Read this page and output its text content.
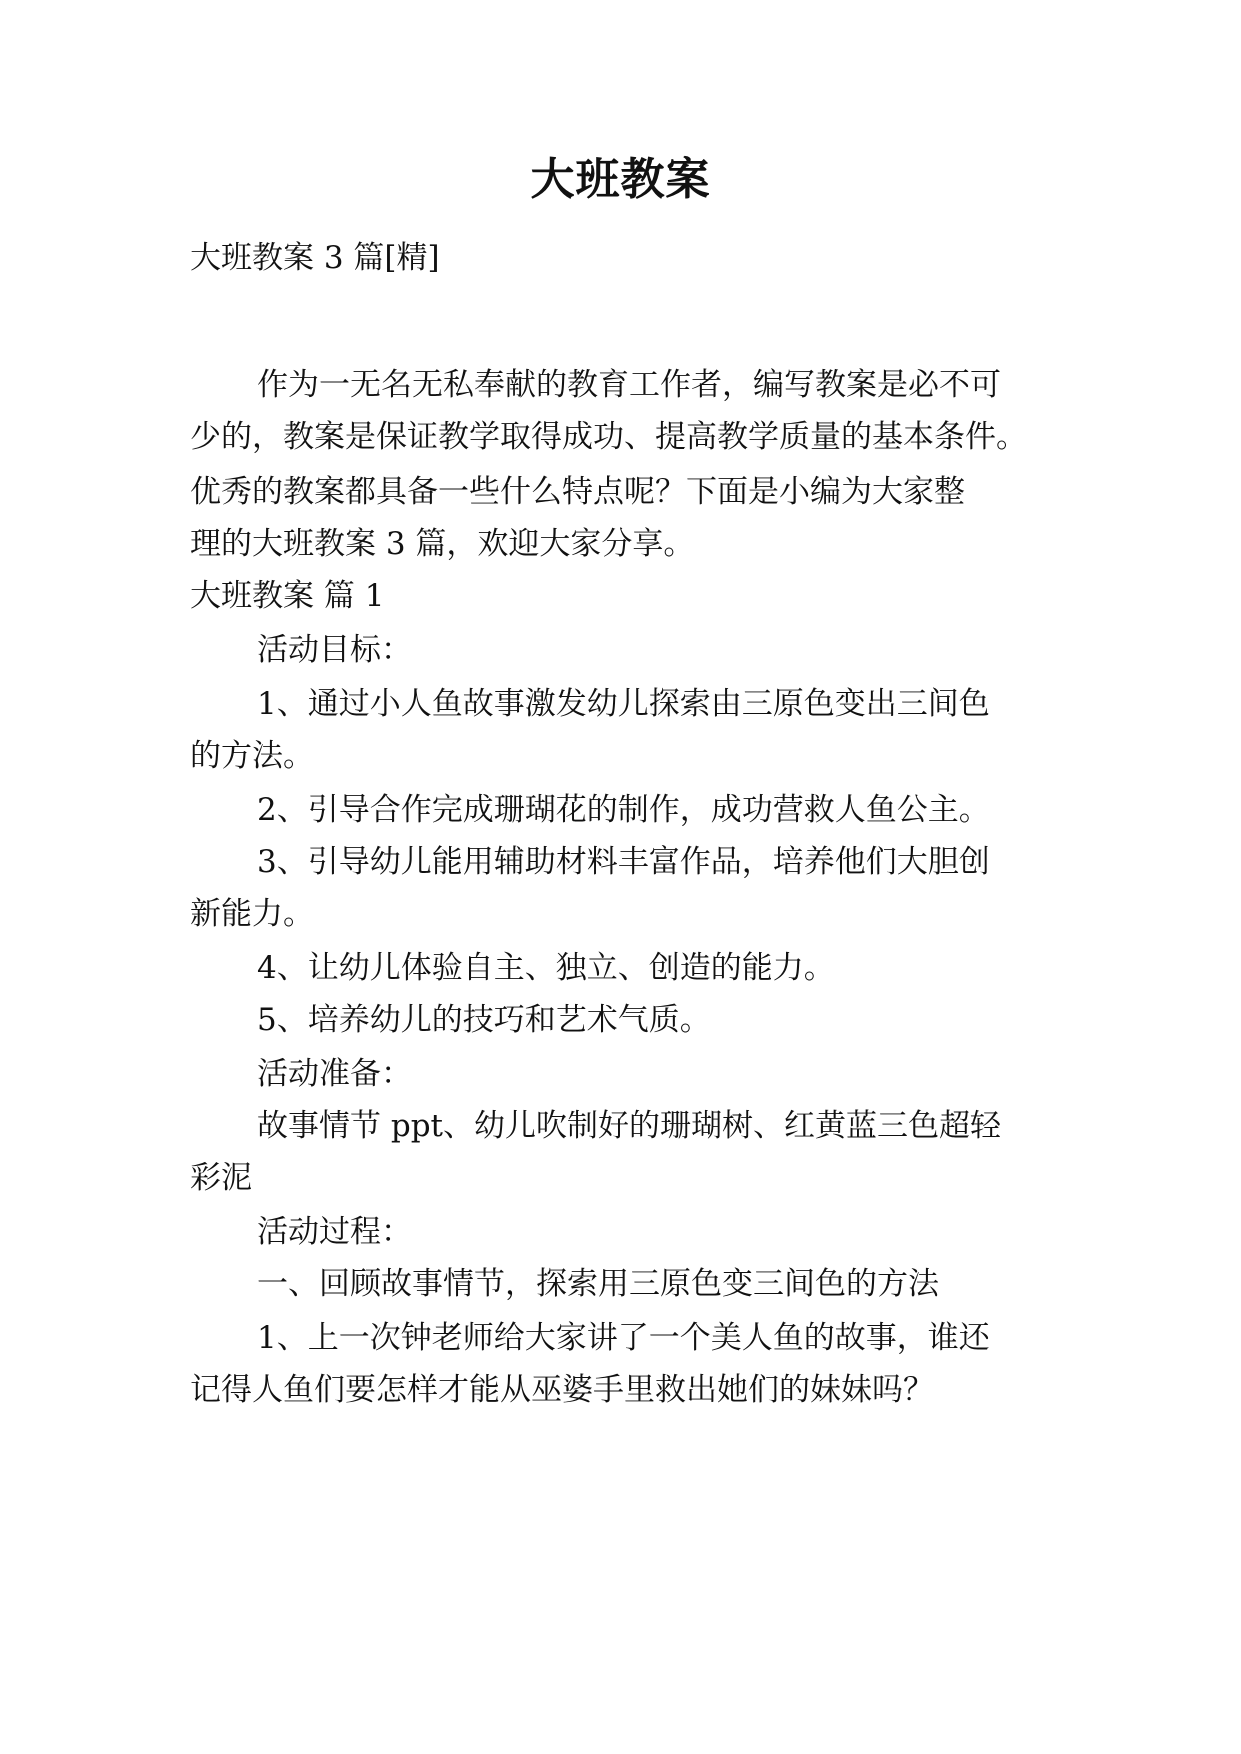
大班教案
大班教案 3 篇[精]
作为一无名无私奉献的教育工作者，编写教案是必不可
少的，教案是保证教学取得成功、提高教学质量的基本条件。
优秀的教案都具备一些什么特点呢？下面是小编为大家整
理的大班教案 3 篇，欢迎大家分享。
大班教案 篇 1
活动目标：
1、通过小人鱼故事激发幼儿探索由三原色变出三间色
的方法。
2、引导合作完成珊瑚花的制作，成功营救人鱼公主。
3、引导幼儿能用辅助材料丰富作品，培养他们大胆创
新能力。
4、让幼儿体验自主、独立、创造的能力。
5、培养幼儿的技巧和艺术气质。
活动准备：
故事情节 ppt、幼儿吹制好的珊瑚树、红黄蓝三色超轻
彩泥
活动过程：
一、回顾故事情节，探索用三原色变三间色的方法
1、上一次钟老师给大家讲了一个美人鱼的故事，谁还
记得人鱼们要怎样才能从巫婆手里救出她们的妹妹吗？
